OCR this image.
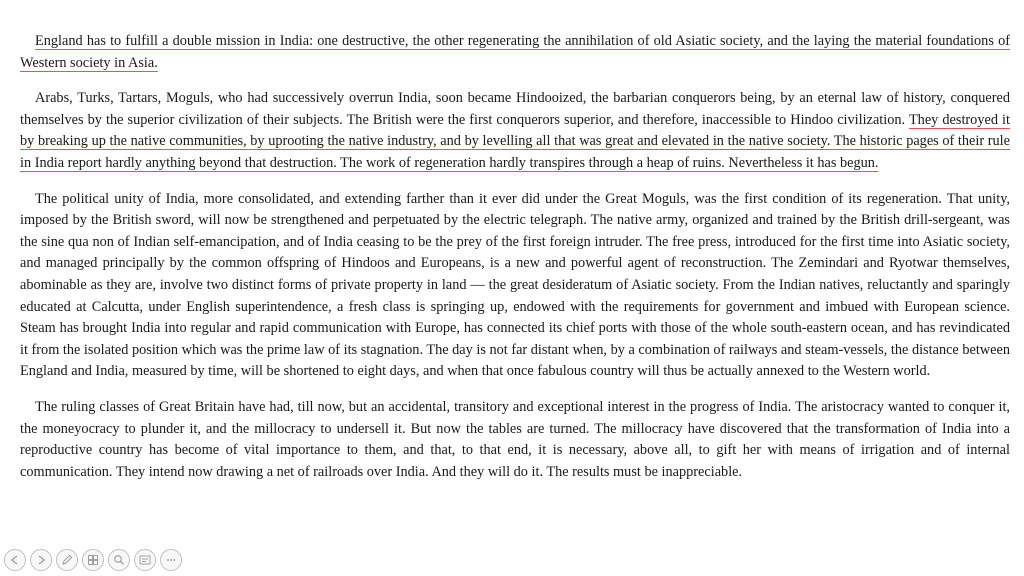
England has to fulfill a double mission in India: one destructive, the other regenerating the annihilation of old Asiatic society, and the laying the material foundations of Western society in Asia.

Arabs, Turks, Tartars, Moguls, who had successively overrun India, soon became Hindooized, the barbarian conquerors being, by an eternal law of history, conquered themselves by the superior civilization of their subjects. The British were the first conquerors superior, and therefore, inaccessible to Hindoo civilization. They destroyed it by breaking up the native communities, by uprooting the native industry, and by levelling all that was great and elevated in the native society. The historic pages of their rule in India report hardly anything beyond that destruction. The work of regeneration hardly transpires through a heap of ruins. Nevertheless it has begun.

The political unity of India, more consolidated, and extending farther than it ever did under the Great Moguls, was the first condition of its regeneration. That unity, imposed by the British sword, will now be strengthened and perpetuated by the electric telegraph. The native army, organized and trained by the British drill-sergeant, was the sine qua non of Indian self-emancipation, and of India ceasing to be the prey of the first foreign intruder. The free press, introduced for the first time into Asiatic society, and managed principally by the common offspring of Hindoos and Europeans, is a new and powerful agent of reconstruction. The Zemindari and Ryotwar themselves, abominable as they are, involve two distinct forms of private property in land — the great desideratum of Asiatic society. From the Indian natives, reluctantly and sparingly educated at Calcutta, under English superintendence, a fresh class is springing up, endowed with the requirements for government and imbued with European science. Steam has brought India into regular and rapid communication with Europe, has connected its chief ports with those of the whole south-eastern ocean, and has revindicated it from the isolated position which was the prime law of its stagnation. The day is not far distant when, by a combination of railways and steam-vessels, the distance between England and India, measured by time, will be shortened to eight days, and when that once fabulous country will thus be actually annexed to the Western world.

The ruling classes of Great Britain have had, till now, but an accidental, transitory and exceptional interest in the progress of India. The aristocracy wanted to conquer it, the moneyocracy to plunder it, and the millocracy to undersell it. But now the tables are turned. The millocracy have discovered that the transformation of India into a reproductive country has become of vital importance to them, and that, to that end, it is necessary, above all, to gift her with means of irrigation and of internal communication. They intend now drawing a net of railroads over India. And they will do it. The results must be inappreciable.
